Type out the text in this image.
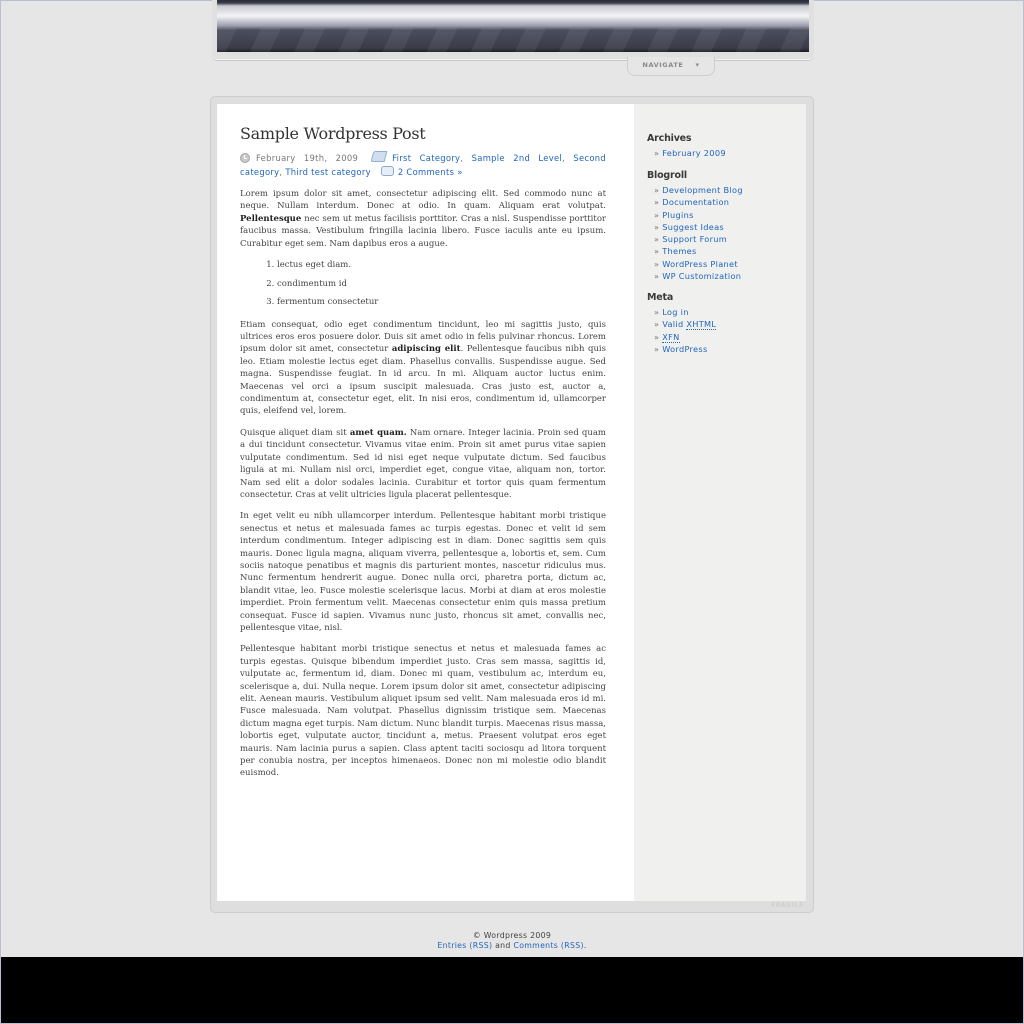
NAVIGATE ▾
FRAGILE
Sample Wordpress Post
February 19th, 2009	First Category, Sample 2nd Level, Second category, Third test category	2 Comments »

Lorem ipsum dolor sit amet, consectetur adipiscing elit. Sed commodo nunc at neque. Nullam interdum. Donec at odio. In quam. Aliquam erat volutpat. Pellentesque nec sem ut metus facilisis porttitor. Cras a nisl. Suspendisse porttitor faucibus massa. Vestibulum fringilla lacinia libero. Fusce iaculis ante eu ipsum. Curabitur eget sem. Nam dapibus eros a augue.

1. lectus eget diam.
2. condimentum id
3. fermentum consectetur

Etiam consequat, odio eget condimentum tincidunt, leo mi sagittis justo, quis ultrices eros eros posuere dolor. Duis sit amet odio in felis pulvinar rhoncus. Lorem ipsum dolor sit amet, consectetur adipiscing elit. Pellentesque faucibus nibh quis leo. Etiam molestie lectus eget diam. Phasellus convallis. Suspendisse augue. Sed magna. Suspendisse feugiat. In id arcu. In mi. Aliquam auctor luctus enim. Maecenas vel orci a ipsum suscipit malesuada. Cras justo est, auctor a, condimentum at, consectetur eget, elit. In nisi eros, condimentum id, ullamcorper quis, eleifend vel, lorem.

Quisque aliquet diam sit amet quam. Nam ornare. Integer lacinia. Proin sed quam a dui tincidunt consectetur. Vivamus vitae enim. Proin sit amet purus vitae sapien vulputate condimentum. Sed id nisi eget neque vulputate dictum. Sed faucibus ligula at mi. Nullam nisl orci, imperdiet eget, congue vitae, aliquam non, tortor. Nam sed elit a dolor sodales lacinia. Curabitur et tortor quis quam fermentum consectetur. Cras at velit ultricies ligula placerat pellentesque.

In eget velit eu nibh ullamcorper interdum. Pellentesque habitant morbi tristique senectus et netus et malesuada fames ac turpis egestas. Donec et velit id sem interdum condimentum. Integer adipiscing est in diam. Donec sagittis sem quis mauris. Donec ligula magna, aliquam viverra, pellentesque a, lobortis et, sem. Cum sociis natoque penatibus et magnis dis parturient montes, nascetur ridiculus mus. Nunc fermentum hendrerit augue. Donec nulla orci, pharetra porta, dictum ac, blandit vitae, leo. Fusce molestie scelerisque lacus. Morbi at diam at eros molestie imperdiet. Proin fermentum velit. Maecenas consectetur enim quis massa pretium consequat. Fusce id sapien. Vivamus nunc justo, rhoncus sit amet, convallis nec, pellentesque vitae, nisl.

Pellentesque habitant morbi tristique senectus et netus et malesuada fames ac turpis egestas. Quisque bibendum imperdiet justo. Cras sem massa, sagittis id, vulputate ac, fermentum id, diam. Donec mi quam, vestibulum ac, interdum eu, scelerisque a, dui. Nulla neque. Lorem ipsum dolor sit amet, consectetur adipiscing elit. Aenean mauris. Vestibulum aliquet ipsum sed velit. Nam malesuada eros id mi. Fusce malesuada. Nam volutpat. Phasellus dignissim tristique sem. Maecenas dictum magna eget turpis. Nam dictum. Nunc blandit turpis. Maecenas risus massa, lobortis eget, vulputate auctor, tincidunt a, metus. Praesent volutpat eros eget mauris. Nam lacinia purus a sapien. Class aptent taciti sociosqu ad litora torquent per conubia nostra, per inceptos himenaeos. Donec non mi molestie odio blandit euismod.

Archives
» February 2009
Blogroll
» Development Blog
» Documentation
» Plugins
» Suggest Ideas
» Support Forum
» Themes
» WordPress Planet
» WP Customization
Meta
» Log in
» Valid XHTML
» XFN
» WordPress
© Wordpress 2009
Entries (RSS) and Comments (RSS).
